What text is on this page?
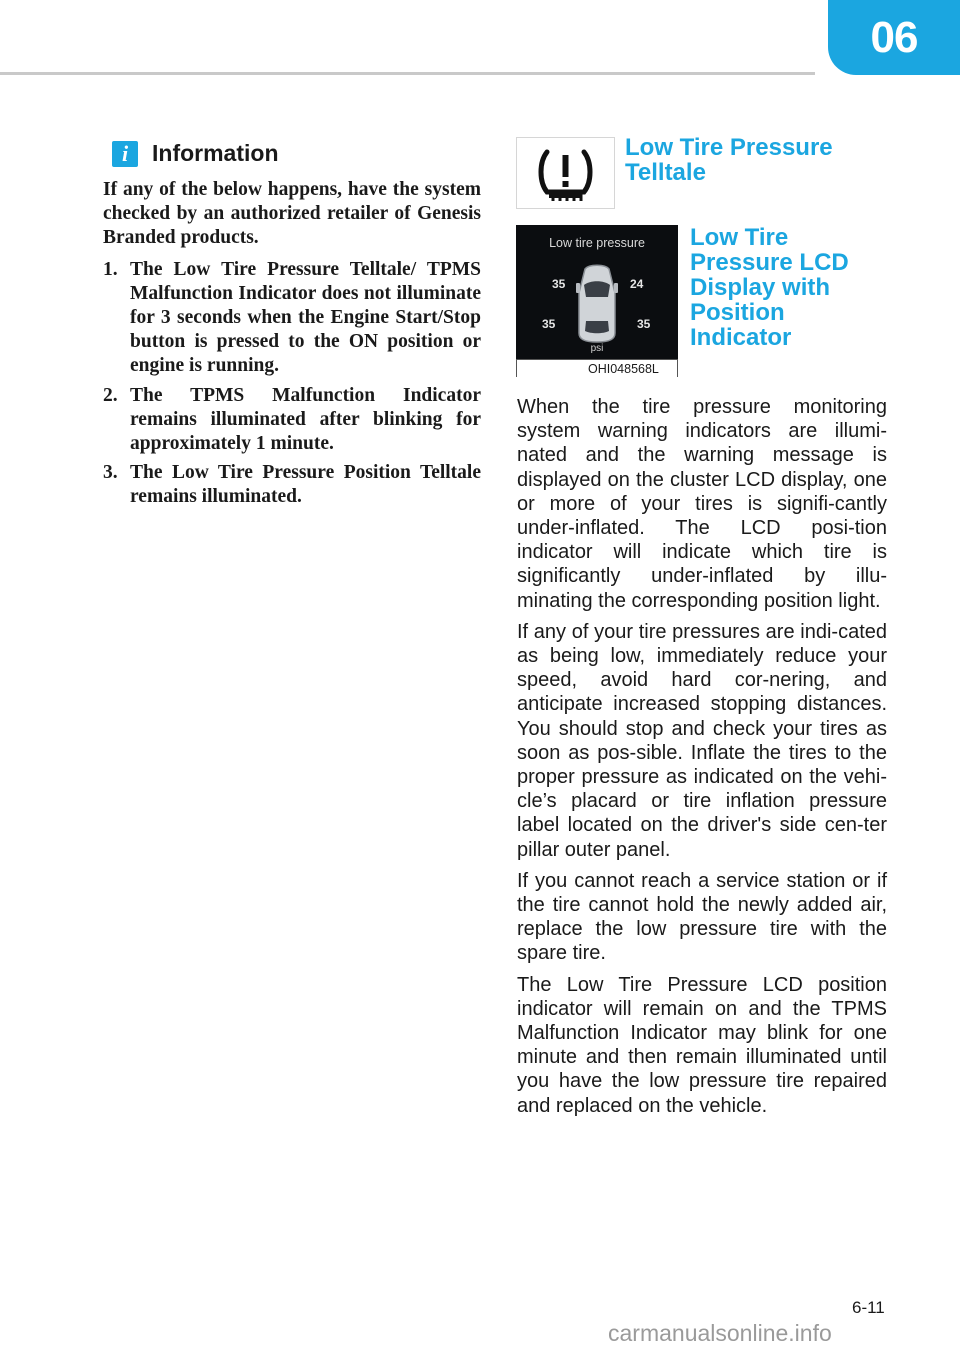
06
i	Information

If any of the below happens, have the system checked by an authorized retailer of Genesis Branded products.

1. The Low Tire Pressure Telltale/ TPMS Malfunction Indicator does not illuminate for 3 seconds when the Engine Start/Stop button is pressed to the ON position or engine is running.
2. The TPMS Malfunction Indicator remains illuminated after blinking for approximately 1 minute.
3. The Low Tire Pressure Position Telltale remains illuminated.
Low Tire Pressure
Telltale
Low tire pressure
35	24
35	35
psi
OHI048568L
Low Tire
Pressure LCD
Display with
Position
Indicator

When the tire pressure monitoring system warning indicators are illumi-nated and the warning message is displayed on the cluster LCD display, one or more of your tires is signifi-cantly under-inflated. The LCD posi-tion indicator will indicate which tire is significantly under-inflated by illu-minating the corresponding position light.

If any of your tire pressures are indi-cated as being low, immediately reduce your speed, avoid hard cor-nering, and anticipate increased stopping distances. You should stop and check your tires as soon as pos-sible. Inflate the tires to the proper pressure as indicated on the vehi-cle’s placard or tire inflation pressure label located on the driver's side cen-ter pillar outer panel.

If you cannot reach a service station or if the tire cannot hold the newly added air, replace the low pressure tire with the spare tire.

The Low Tire Pressure LCD position indicator will remain on and the TPMS Malfunction Indicator may blink for one minute and then remain illuminated until you have the low pressure tire repaired and replaced on the vehicle.

6-11
carmanualsonline.info
